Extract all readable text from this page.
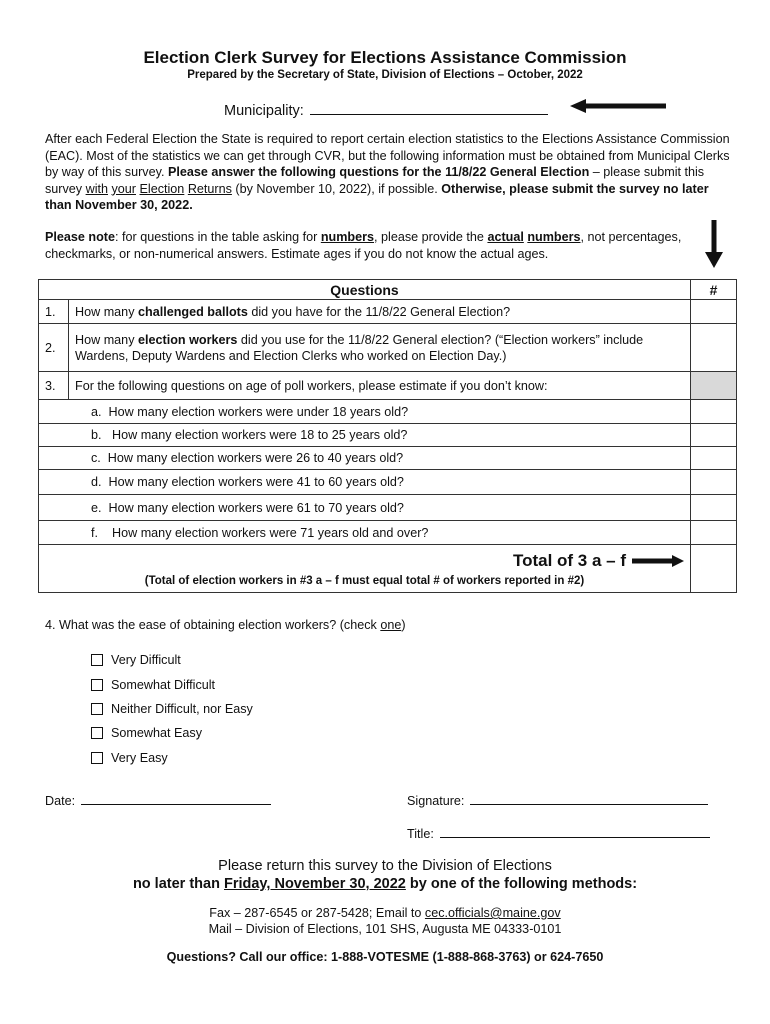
Election Clerk Survey for Elections Assistance Commission
Prepared by the Secretary of State, Division of Elections – October, 2022
Municipality:
After each Federal Election the State is required to report certain election statistics to the Elections Assistance Commission (EAC). Most of the statistics we can get through CVR, but the following information must be obtained from Municipal Clerks by way of this survey. Please answer the following questions for the 11/8/22 General Election – please submit this survey with your Election Returns (by November 10, 2022), if possible. Otherwise, please submit the survey no later than November 30, 2022.
Please note: for questions in the table asking for numbers, please provide the actual numbers, not percentages, checkmarks, or non-numerical answers. Estimate ages if you do not know the actual ages.
Questions		#
1.	How many challenged ballots did you have for the 11/8/22 General Election?	
2.	How many election workers did you use for the 11/8/22 General election? (“Election workers” include Wardens, Deputy Wardens and Election Clerks who worked on Election Day.)	
3.	For the following questions on age of poll workers, please estimate if you don’t know:	
a. How many election workers were under 18 years old?		
b. How many election workers were 18 to 25 years old?		
c. How many election workers were 26 to 40 years old?		
d. How many election workers were 41 to 60 years old?		
e. How many election workers were 61 to 70 years old?		
f. How many election workers were 71 years old and over?		

Total of 3 a – f
(Total of election workers in #3 a – f must equal total # of workers reported in #2)		

4. What was the ease of obtaining election workers? (check one)
Very Difficult
Somewhat Difficult
Neither Difficult, nor Easy
Somewhat Easy
Very Easy
Date:	Signature:
Title:
Please return this survey to the Division of Elections
no later than Friday, November 30, 2022 by one of the following methods:
Fax – 287-6545 or 287-5428; Email to cec.officials@maine.gov
Mail – Division of Elections, 101 SHS, Augusta ME 04333-0101
Questions? Call our office: 1-888-VOTESME (1-888-868-3763) or 624-7650
